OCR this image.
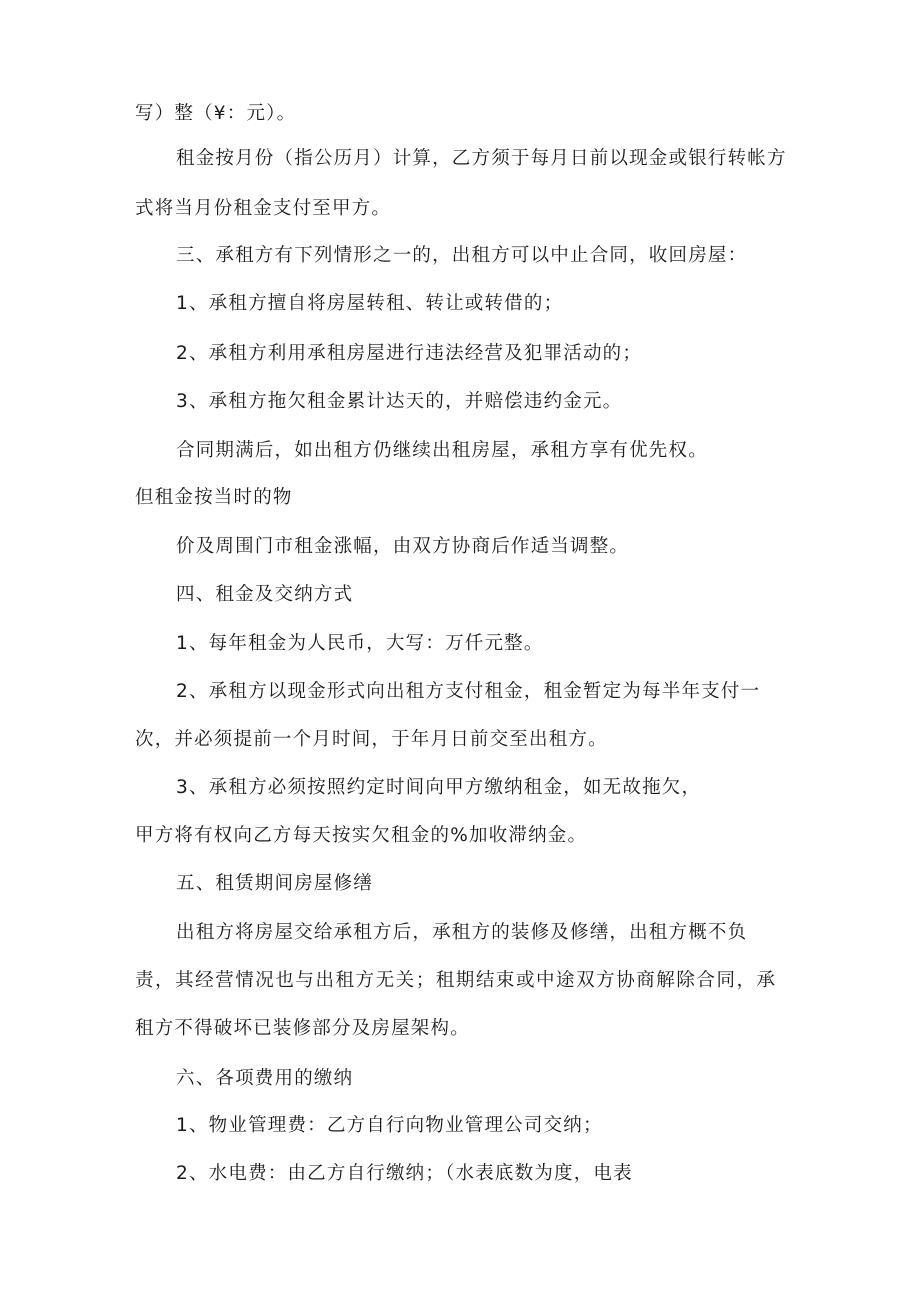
写）整（¥：元）。
租金按月份（指公历月）计算，乙方须于每月日前以现金或银行转帐方
式将当月份租金支付至甲方。
三、承租方有下列情形之一的，出租方可以中止合同，收回房屋：
1、承租方擅自将房屋转租、转让或转借的；
2、承租方利用承租房屋进行违法经营及犯罪活动的；
3、承租方拖欠租金累计达天的，并赔偿违约金元。
合同期满后，如出租方仍继续出租房屋，承租方享有优先权。
但租金按当时的物
价及周围门市租金涨幅，由双方协商后作适当调整。
四、租金及交纳方式
1、每年租金为人民币，大写：万仟元整。
2、承租方以现金形式向出租方支付租金，租金暂定为每半年支付一
次，并必须提前一个月时间，于年月日前交至出租方。
3、承租方必须按照约定时间向甲方缴纳租金，如无故拖欠，
甲方将有权向乙方每天按实欠租金的%加收滞纳金。
五、租赁期间房屋修缮
出租方将房屋交给承租方后，承租方的装修及修缮，出租方概不负
责，其经营情况也与出租方无关；租期结束或中途双方协商解除合同，承
租方不得破坏已装修部分及房屋架构。
六、各项费用的缴纳
1、物业管理费：乙方自行向物业管理公司交纳；
2、水电费：由乙方自行缴纳；（水表底数为度，电表
